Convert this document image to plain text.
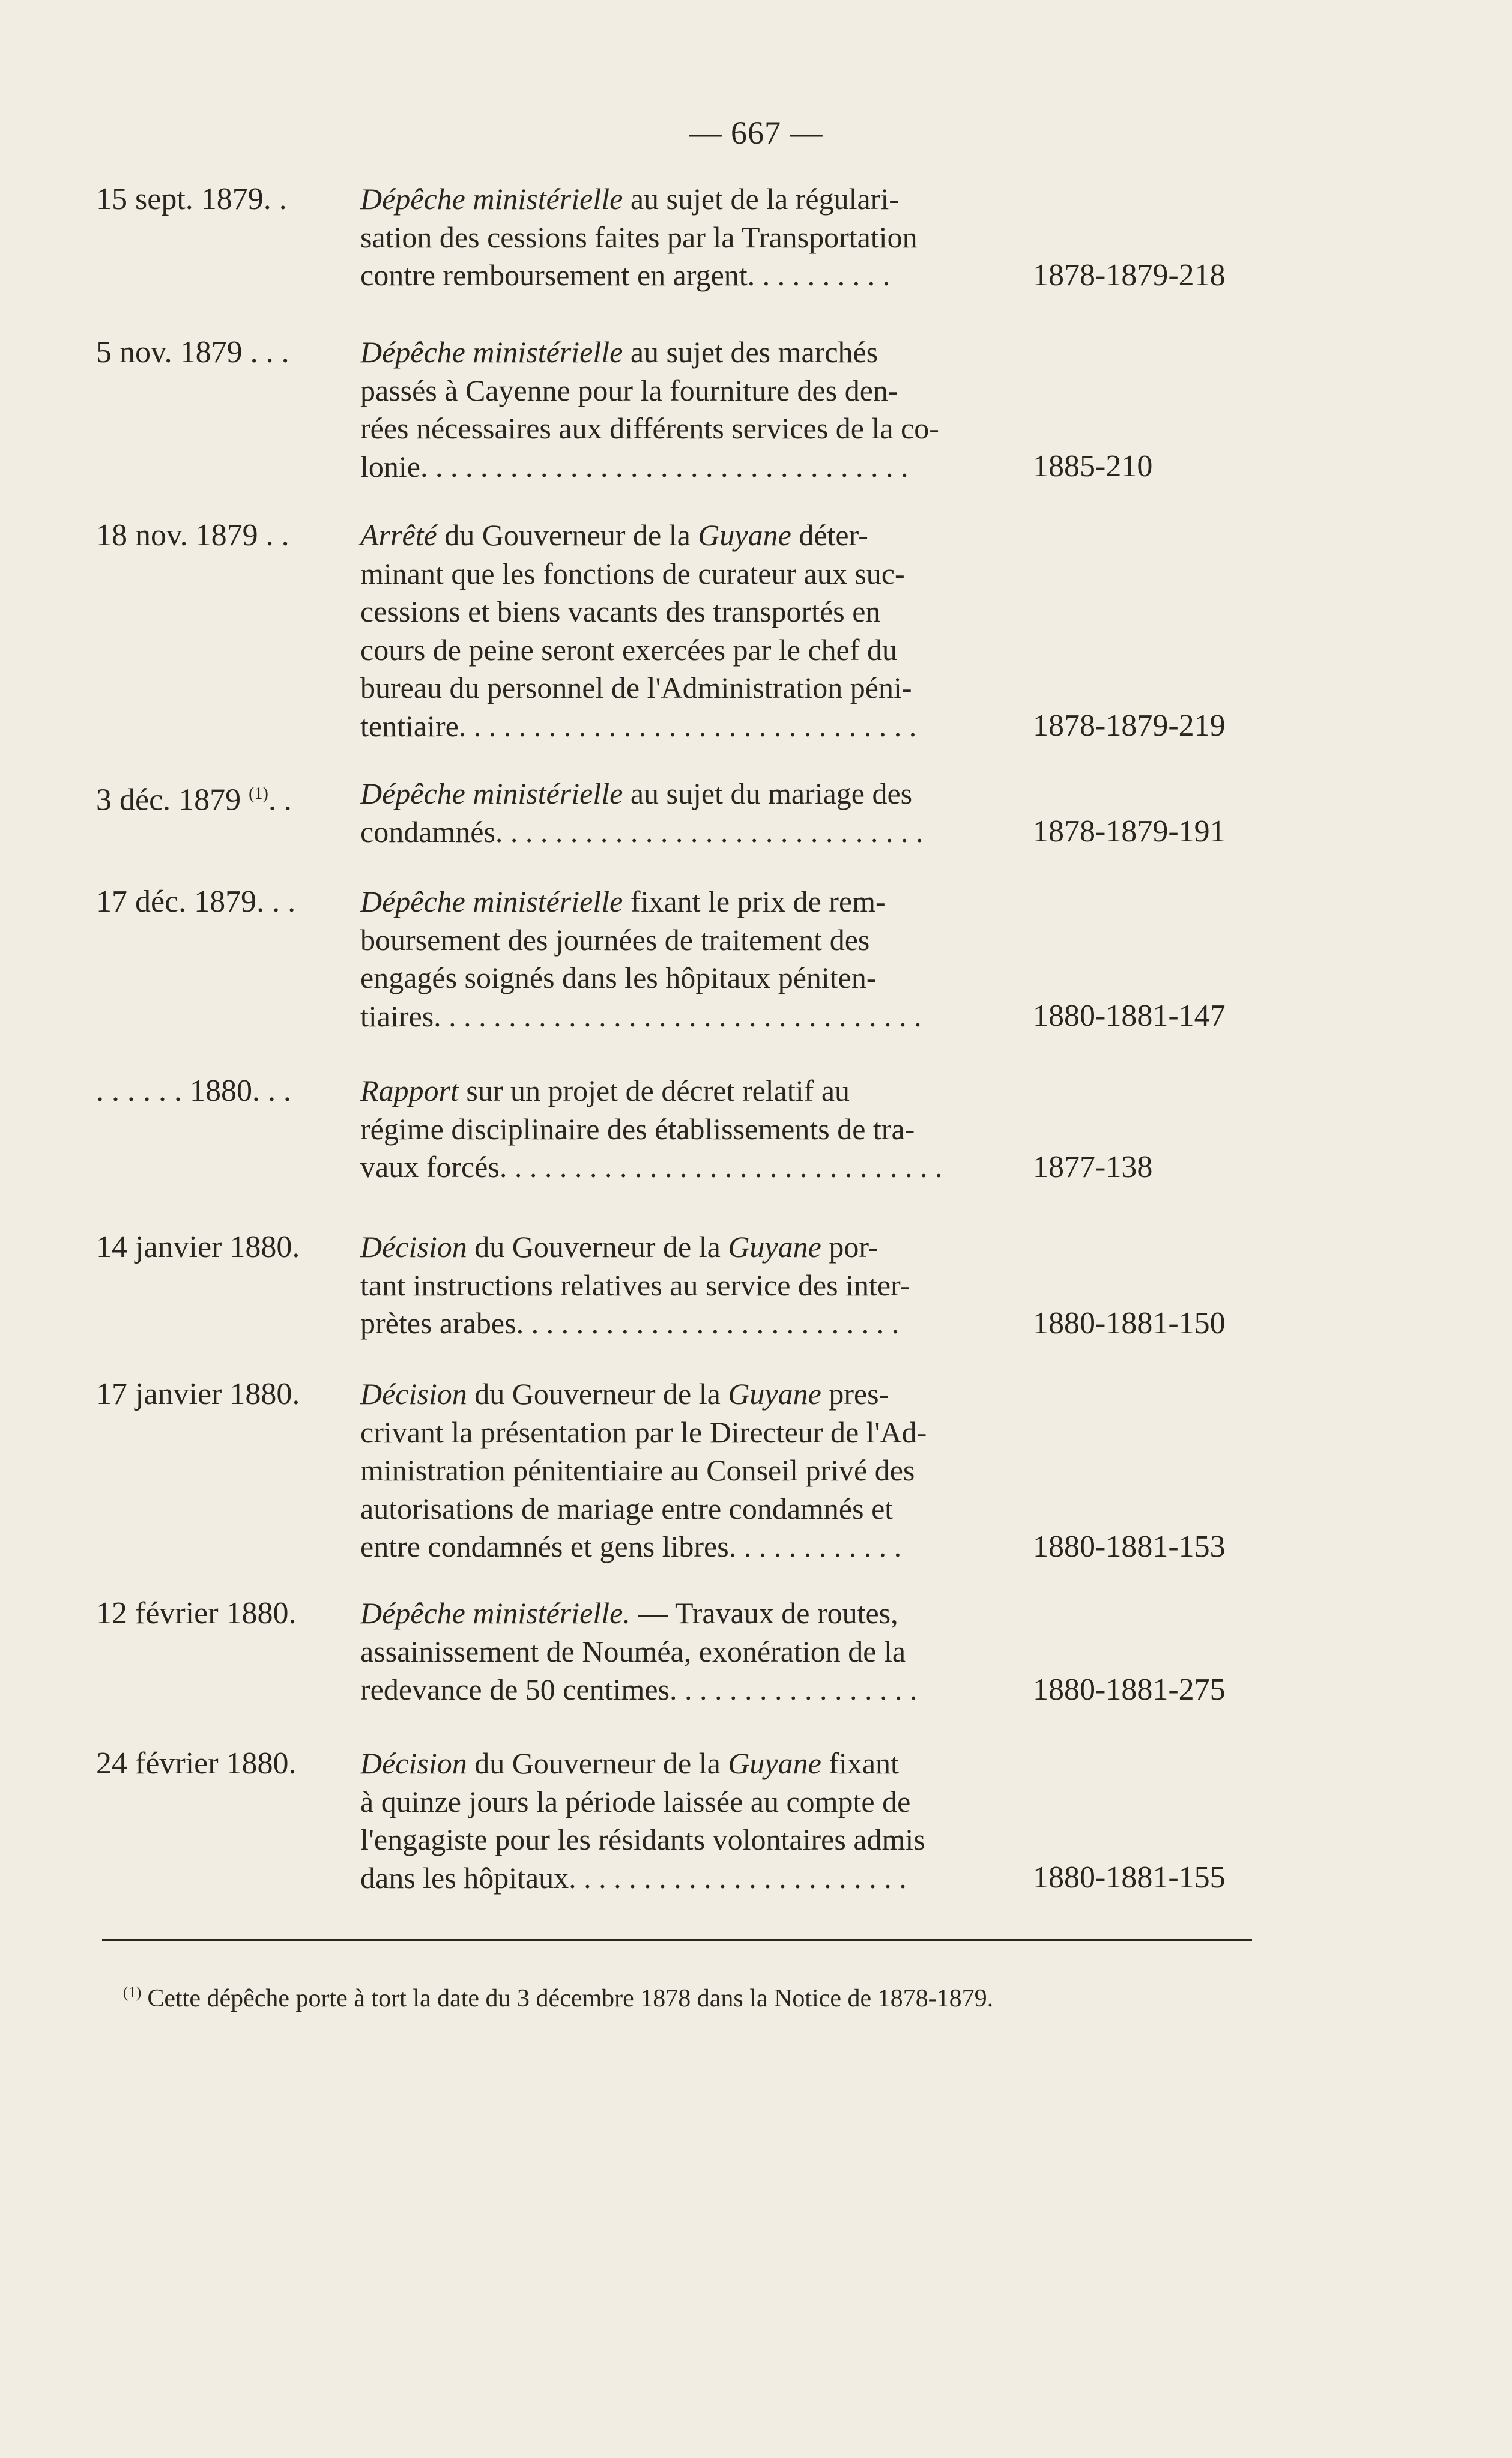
— 667 —
15 sept. 1879. .	Dépêche ministérielle au sujet de la régulari-
sation des cessions faites par la Transportation
contre remboursement en argent. . . . . . . . . .	1878-1879-218
5 nov. 1879 . . .	Dépêche ministérielle au sujet des marchés
passés à Cayenne pour la fourniture des den-
rées nécessaires aux différents services de la co-
lonie. . . . . . . . . . . . . . . . . . . . . . . . . . . . . . . . .	1885-210
18 nov. 1879 . .	Arrêté du Gouverneur de la Guyane déter-
minant que les fonctions de curateur aux suc-
cessions et biens vacants des transportés en
cours de peine seront exercées par le chef du
bureau du personnel de l'Administration péni-
tentiaire. . . . . . . . . . . . . . . . . . . . . . . . . . . . . . .	1878-1879-219
3 déc. 1879 $^{(1)}$. .	Dépêche ministérielle au sujet du mariage des
condamnés. . . . . . . . . . . . . . . . . . . . . . . . . . . . .	1878-1879-191
17 déc. 1879. . .	Dépêche ministérielle fixant le prix de rem-
boursement des journées de traitement des
engagés soignés dans les hôpitaux péniten-
tiaires. . . . . . . . . . . . . . . . . . . . . . . . . . . . . . . . .	1880-1881-147
. . . . . . 1880. . .	Rapport sur un projet de décret relatif au
régime disciplinaire des établissements de tra-
vaux forcés. . . . . . . . . . . . . . . . . . . . . . . . . . . . . .	1877-138
14 janvier 1880.	Décision du Gouverneur de la Guyane por-
tant instructions relatives au service des inter-
prètes arabes. . . . . . . . . . . . . . . . . . . . . . . . . .	1880-1881-150
17 janvier 1880.	Décision du Gouverneur de la Guyane pres-
crivant la présentation par le Directeur de l'Ad-
ministration pénitentiaire au Conseil privé des
autorisations de mariage entre condamnés et
entre condamnés et gens libres. . . . . . . . . . . .	1880-1881-153
12 février 1880.	Dépêche ministérielle. — Travaux de routes,
assainissement de Nouméa, exonération de la
redevance de 50 centimes. . . . . . . . . . . . . . . . .	1880-1881-275
24 février 1880.	Décision du Gouverneur de la Guyane fixant
à quinze jours la période laissée au compte de
l'engagiste pour les résidants volontaires admis
dans les hôpitaux. . . . . . . . . . . . . . . . . . . . . . .	1880-1881-155
$^{(1)}$ Cette dépêche porte à tort la date du 3 décembre 1878 dans la Notice de 1878-1879.
